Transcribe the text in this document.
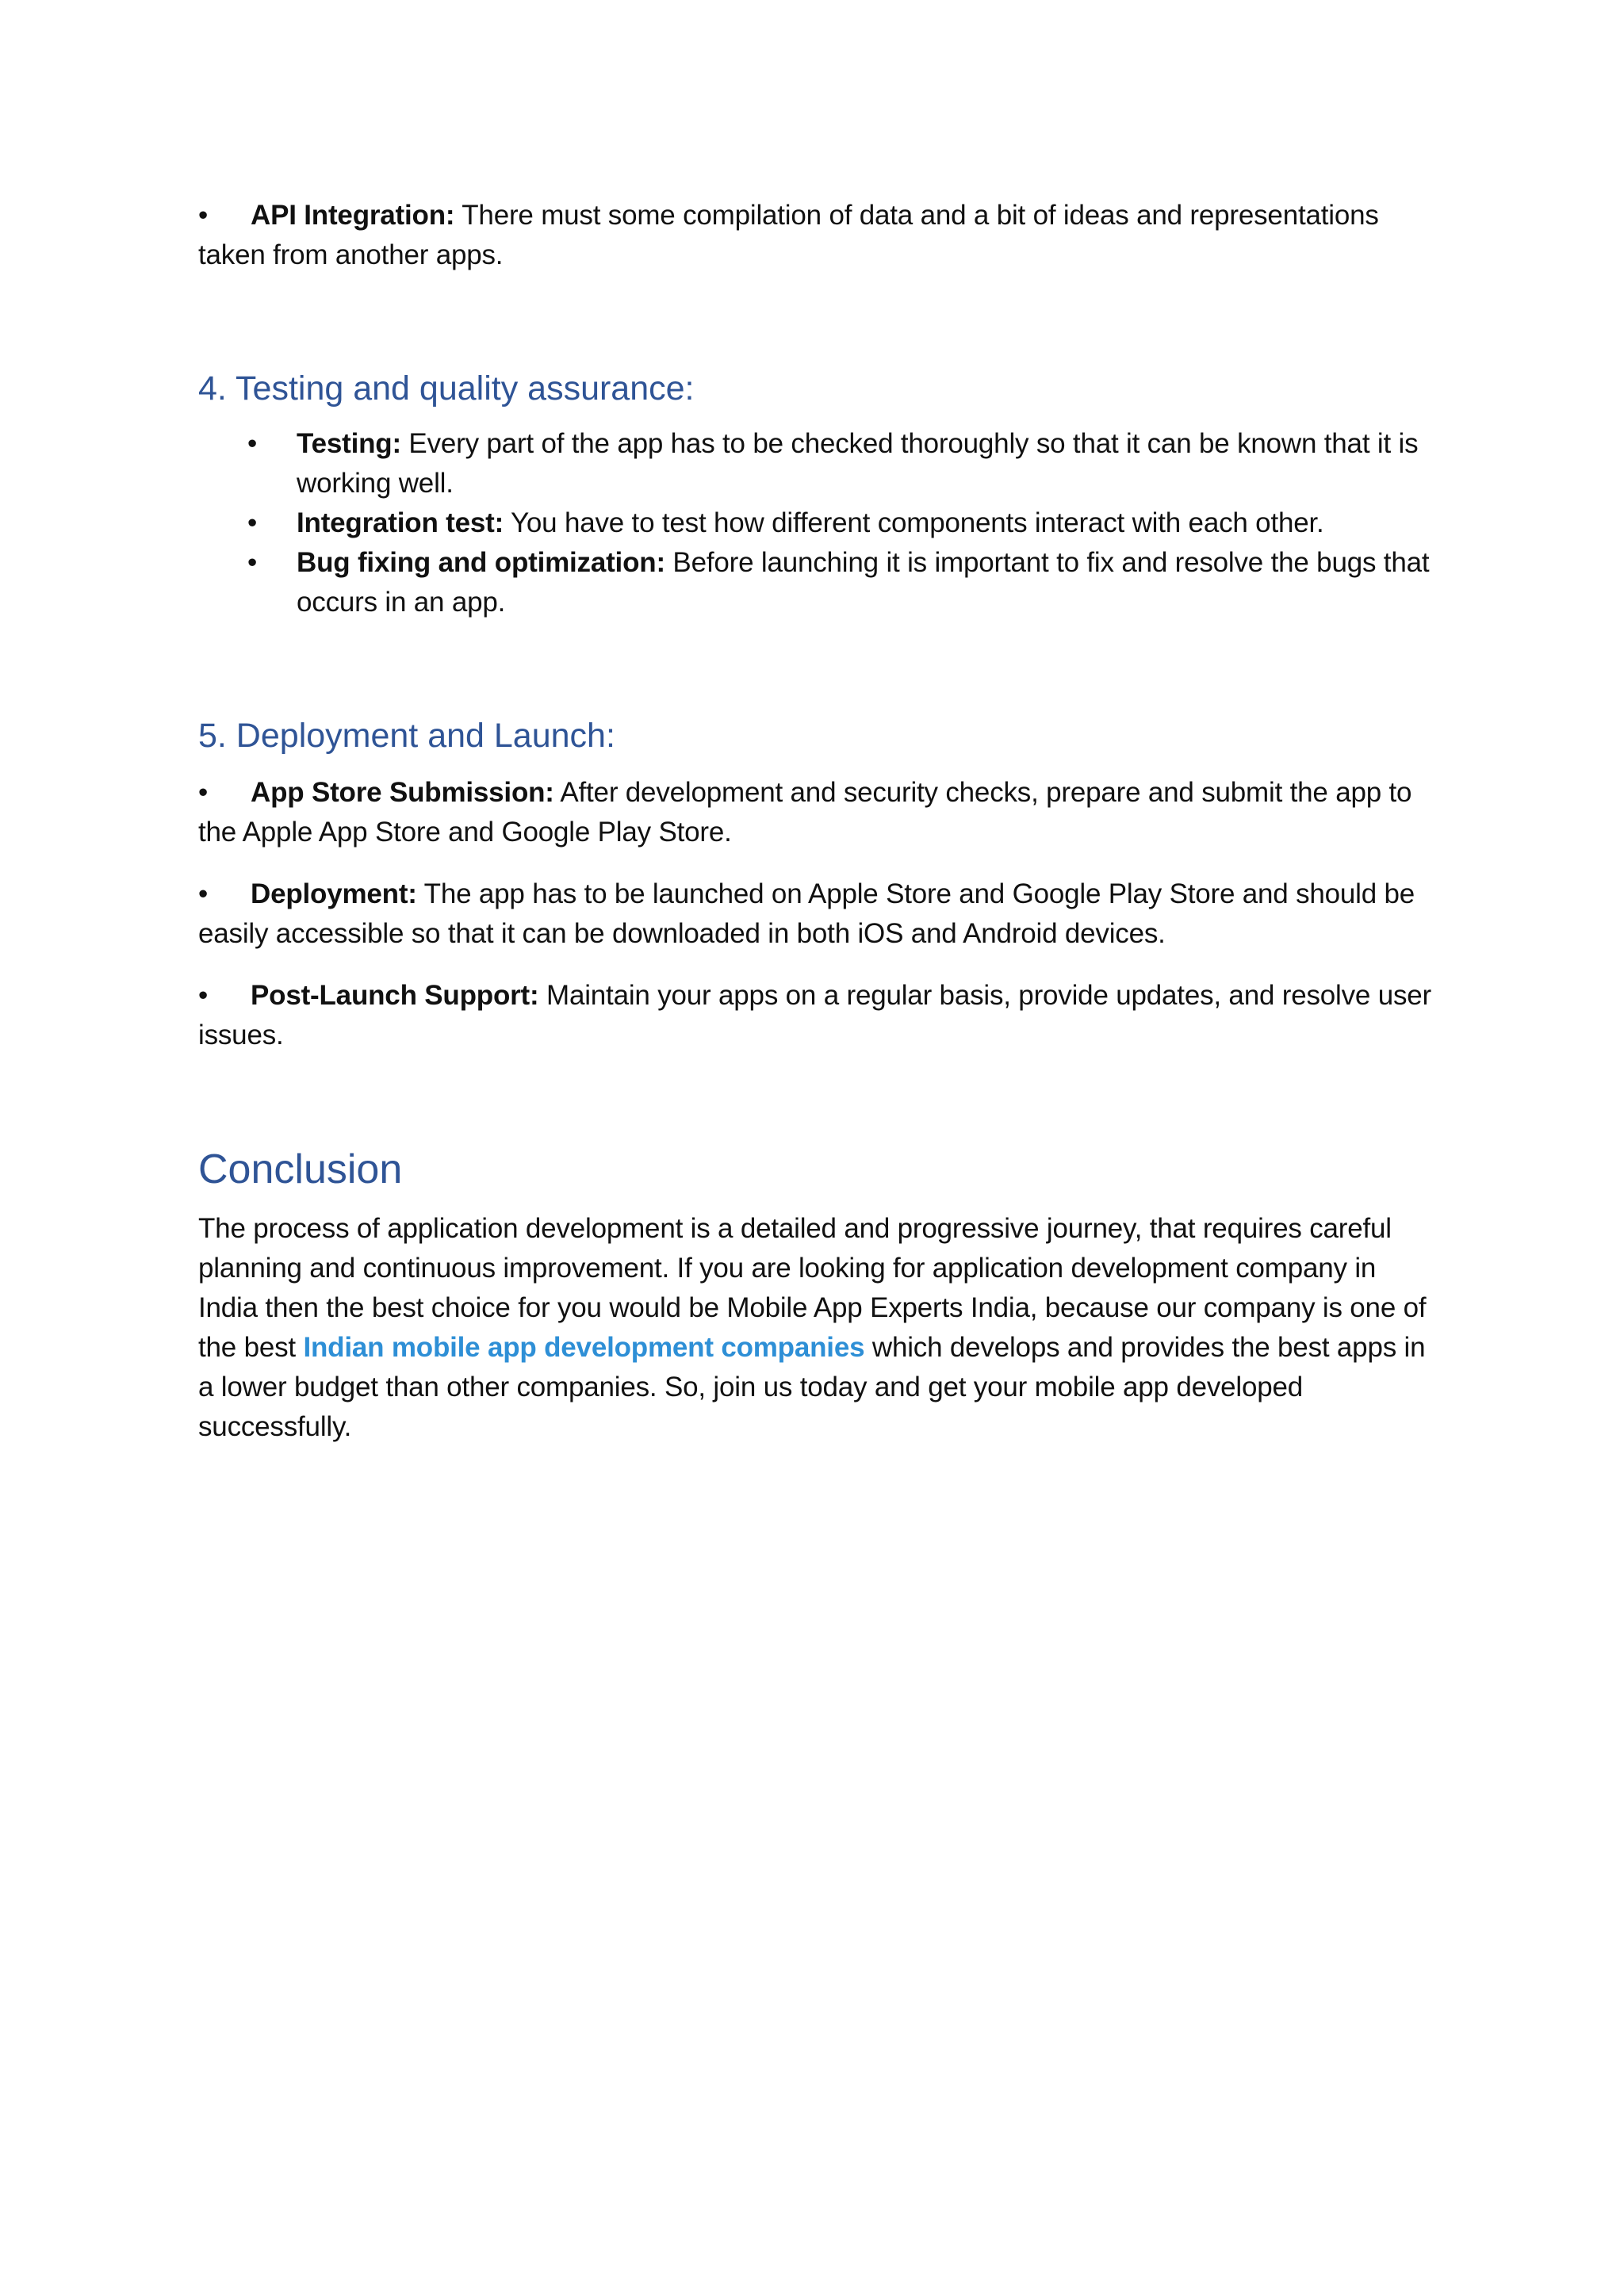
• API Integration: There must some compilation of data and a bit of ideas and representations taken from another apps.
4. Testing and quality assurance:
• Testing: Every part of the app has to be checked thoroughly so that it can be known that it is working well.
• Integration test: You have to test how different components interact with each other.
• Bug fixing and optimization: Before launching it is important to fix and resolve the bugs that occurs in an app.
5. Deployment and Launch:
• App Store Submission: After development and security checks, prepare and submit the app to the Apple App Store and Google Play Store.
• Deployment: The app has to be launched on Apple Store and Google Play Store and should be easily accessible so that it can be downloaded in both iOS and Android devices.
• Post-Launch Support: Maintain your apps on a regular basis, provide updates, and resolve user issues.
Conclusion
The process of application development is a detailed and progressive journey, that requires careful planning and continuous improvement. If you are looking for application development company in India then the best choice for you would be Mobile App Experts India, because our company is one of the best Indian mobile app development companies which develops and provides the best apps in a lower budget than other companies. So, join us today and get your mobile app developed successfully.
